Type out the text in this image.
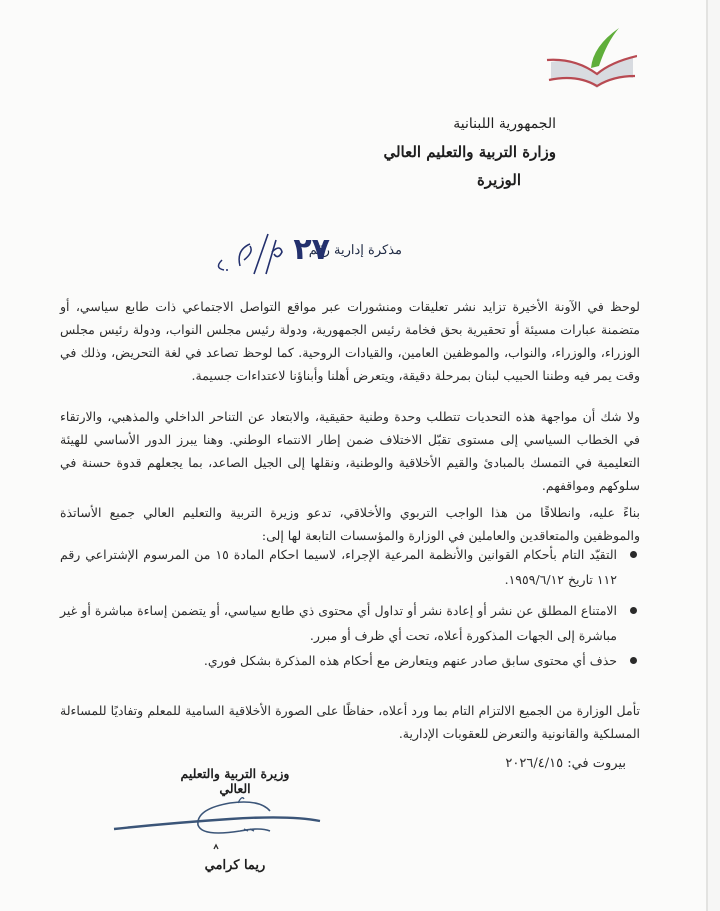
الجمهورية اللبنانية
وزارة التربية والتعليم العالي
الوزيرة
مذكرة إدارية رقم
٢٧

لوحظ في الآونة الأخيرة تزايد نشر تعليقات ومنشورات عبر مواقع التواصل الاجتماعي ذات طابع سياسي، أو متضمنة عبارات مسيئة أو تحقيرية بحق فخامة رئيس الجمهورية، ودولة رئيس مجلس النواب، ودولة رئيس مجلس الوزراء، والوزراء، والنواب، والموظفين العامين، والقيادات الروحية. كما لوحظ تصاعد في لغة التحريض، وذلك في وقت يمر فيه وطننا الحبيب لبنان بمرحلة دقيقة، ويتعرض أهلنا وأبناؤنا لاعتداءات جسيمة.

ولا شك أن مواجهة هذه التحديات تتطلب وحدة وطنية حقيقية، والابتعاد عن التناحر الداخلي والمذهبي، والارتقاء في الخطاب السياسي إلى مستوى تقبّل الاختلاف ضمن إطار الانتماء الوطني. وهنا يبرز الدور الأساسي للهيئة التعليمية في التمسك بالمبادئ والقيم الأخلاقية والوطنية، ونقلها إلى الجيل الصاعد، بما يجعلهم قدوة حسنة في سلوكهم ومواقفهم.

بناءً عليه، وانطلاقًا من هذا الواجب التربوي والأخلاقي، تدعو وزيرة التربية والتعليم العالي جميع الأساتذة والموظفين والمتعاقدين والعاملين في الوزارة والمؤسسات التابعة لها إلى:

التقيّد التام بأحكام القوانين والأنظمة المرعية الإجراء، لاسيما احكام المادة ١٥ من المرسوم الإشتراعي رقم ١١٢ تاريخ ١٩٥٩/٦/١٢.
الامتناع المطلق عن نشر أو إعادة نشر أو تداول أي محتوى ذي طابع سياسي، أو يتضمن إساءة مباشرة أو غير مباشرة إلى الجهات المذكورة أعلاه، تحت أي ظرف أو مبرر.
حذف أي محتوى سابق صادر عنهم ويتعارض مع أحكام هذه المذكرة بشكل فوري.

تأمل الوزارة من الجميع الالتزام التام بما ورد أعلاه، حفاظًا على الصورة الأخلاقية السامية للمعلم وتفاديًا للمساءلة المسلكية والقانونية والتعرض للعقوبات الإدارية.

بيروت في: ٢٠٢٦/٤/١٥
وزيرة التربية والتعليم العالي
ريما كرامي
